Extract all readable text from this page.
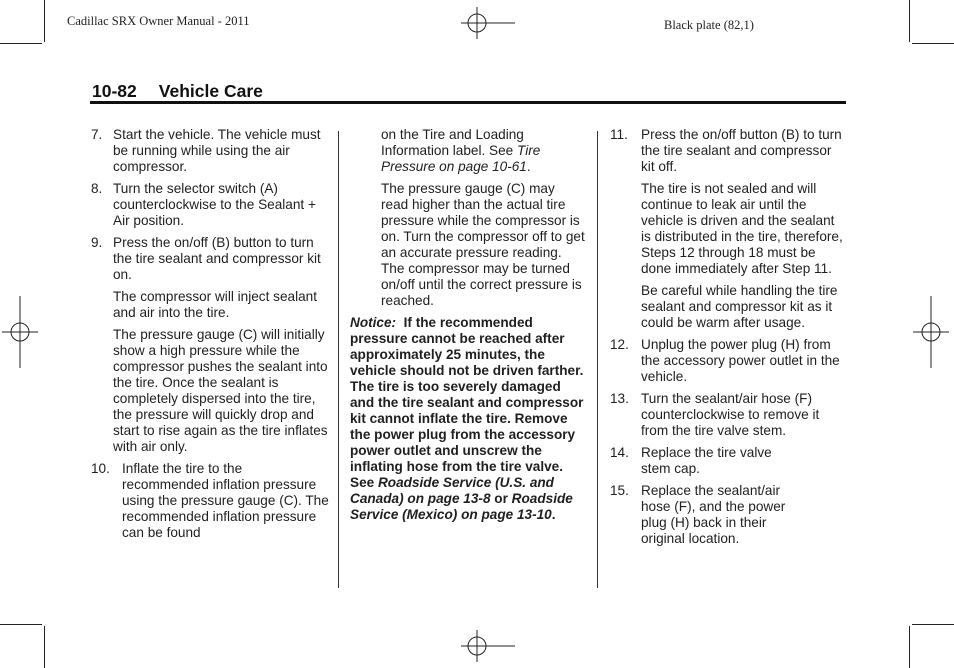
Cadillac SRX Owner Manual - 2011	Black plate (82,1)
10-82 Vehicle Care
7. Start the vehicle. The vehicle must be running while using the air compressor.
8. Turn the selector switch (A) counterclockwise to the Sealant + Air position.
9. Press the on/off (B) button to turn the tire sealant and compressor kit on.

The compressor will inject sealant and air into the tire.

The pressure gauge (C) will initially show a high pressure while the compressor pushes the sealant into the tire. Once the sealant is completely dispersed into the tire, the pressure will quickly drop and start to rise again as the tire inflates with air only.

10. Inflate the tire to the recommended inflation pressure using the pressure gauge (C). The recommended inflation pressure can be found

on the Tire and Loading Information label. See Tire Pressure on page 10-61.

The pressure gauge (C) may read higher than the actual tire pressure while the compressor is on. Turn the compressor off to get an accurate pressure reading. The compressor may be turned on/off until the correct pressure is reached.

Notice: If the recommended pressure cannot be reached after approximately 25 minutes, the vehicle should not be driven farther. The tire is too severely damaged and the tire sealant and compressor kit cannot inflate the tire. Remove the power plug from the accessory power outlet and unscrew the inflating hose from the tire valve. See Roadside Service (U.S. and Canada) on page 13-8 or Roadside Service (Mexico) on page 13-10.

11. Press the on/off button (B) to turn the tire sealant and compressor kit off.

The tire is not sealed and will continue to leak air until the vehicle is driven and the sealant is distributed in the tire, therefore, Steps 12 through 18 must be done immediately after Step 11.

Be careful while handling the tire sealant and compressor kit as it could be warm after usage.

12. Unplug the power plug (H) from the accessory power outlet in the vehicle.
13. Turn the sealant/air hose (F) counterclockwise to remove it from the tire valve stem.
14. Replace the tire valve stem cap.
15. Replace the sealant/air hose (F), and the power plug (H) back in their original location.
